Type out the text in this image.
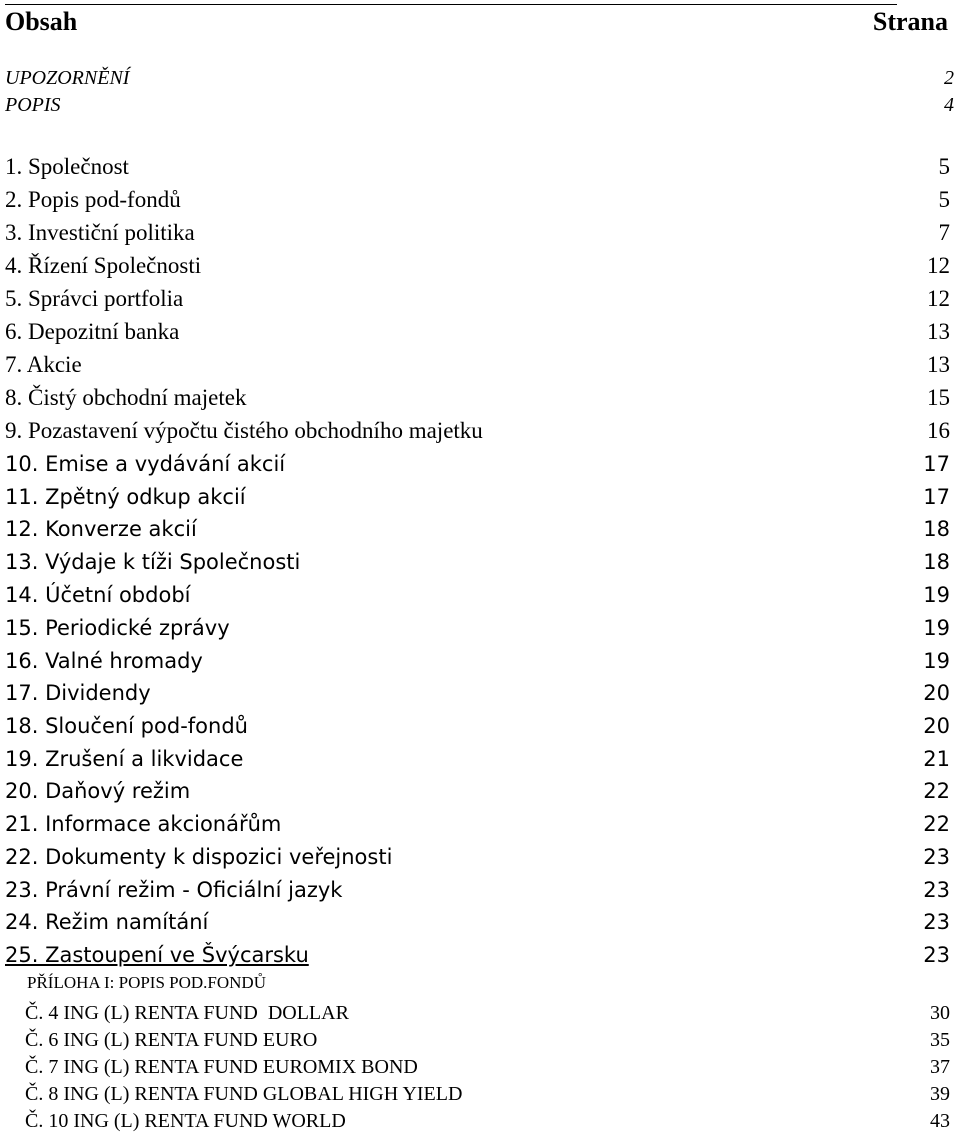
Obsah	Strana
UPOZORNĚNÍ	2
POPIS	4
1. Společnost	5
2. Popis pod-fondů	5
3. Investiční politika	7
4. Řízení Společnosti	12
5. Správci portfolia	12
6. Depozitní banka	13
7. Akcie	13
8. Čistý obchodní majetek	15
9. Pozastavení výpočtu čistého obchodního majetku	16
10. Emise a vydávání akcií	17
11. Zpětný odkup akcií	17
12. Konverze akcií	18
13. Výdaje k tíži Společnosti	18
14. Účetní období	19
15. Periodické zprávy	19
16. Valné hromady	19
17. Dividendy	20
18. Sloučení pod-fondů	20
19. Zrušení a likvidace	21
20. Daňový režim	22
21. Informace akcionářům	22
22. Dokumenty k dispozici veřejnosti	23
23. Právní režim - Oficiální jazyk	23
24. Režim namítání	23
25. Zastoupení ve Švýcarsku	23
PŘÍLOHA I: POPIS POD.FONDŮ
Č. 4 ING (L) RENTA FUND  DOLLAR	30
Č. 6 ING (L) RENTA FUND EURO	35
Č. 7 ING (L) RENTA FUND EUROMIX BOND	37
Č. 8 ING (L) RENTA FUND GLOBAL HIGH YIELD	39
Č. 10 ING (L) RENTA FUND WORLD	43
